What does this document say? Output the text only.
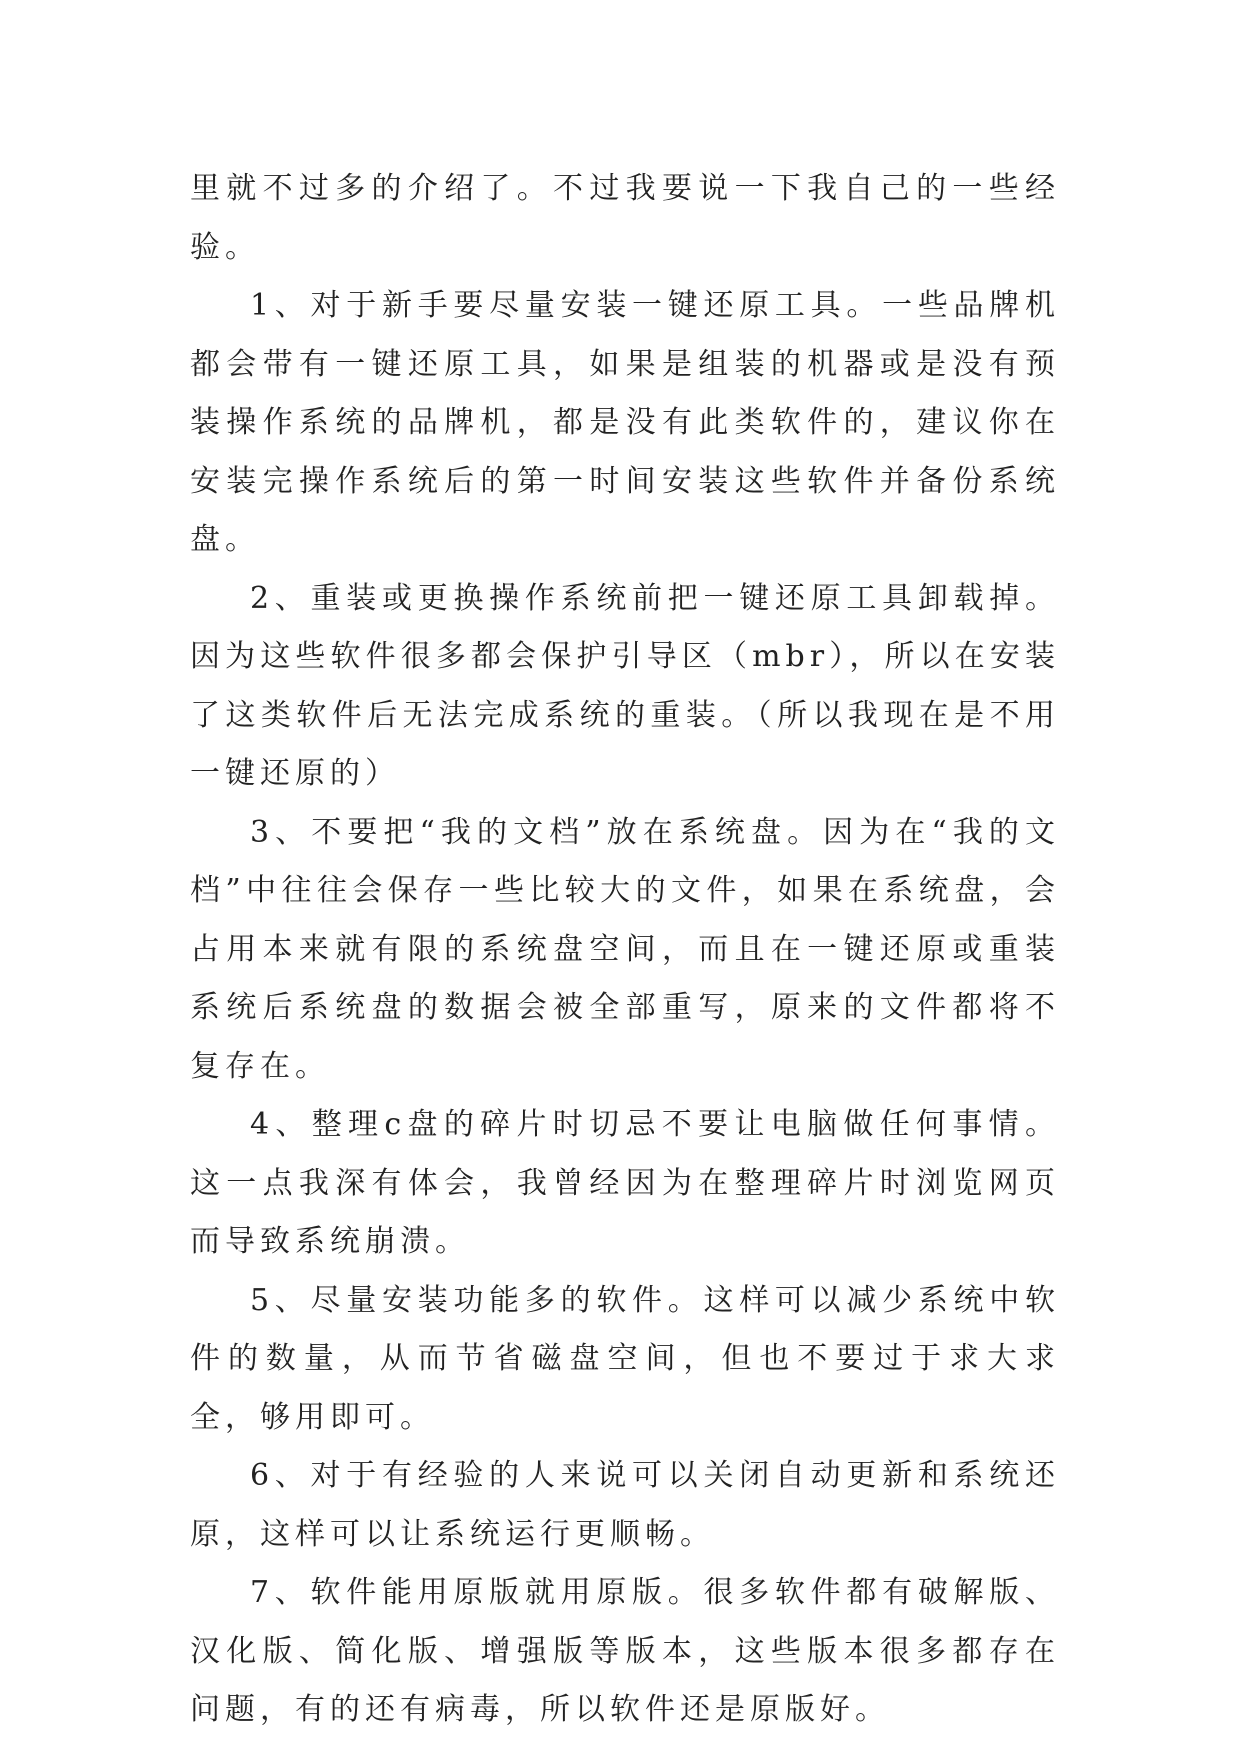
里就不过多的介绍了。不过我要说一下我自己的一些经验。

1、对于新手要尽量安装一键还原工具。一些品牌机都会带有一键还原工具，如果是组装的机器或是没有预装操作系统的品牌机，都是没有此类软件的，建议你在安装完操作系统后的第一时间安装这些软件并备份系统盘。

2、重装或更换操作系统前把一键还原工具卸载掉。因为这些软件很多都会保护引导区（mbr），所以在安装了这类软件后无法完成系统的重装。（所以我现在是不用一键还原的）

3、不要把“我的文档”放在系统盘。因为在“我的文档”中往往会保存一些比较大的文件，如果在系统盘，会占用本来就有限的系统盘空间，而且在一键还原或重装系统后系统盘的数据会被全部重写，原来的文件都将不复存在。

4、整理c盘的碎片时切忌不要让电脑做任何事情。这一点我深有体会，我曾经因为在整理碎片时浏览网页而导致系统崩溃。

5、尽量安装功能多的软件。这样可以减少系统中软件的数量，从而节省磁盘空间，但也不要过于求大求全，够用即可。

6、对于有经验的人来说可以关闭自动更新和系统还原，这样可以让系统运行更顺畅。

7、软件能用原版就用原版。很多软件都有破解版、汉化版、简化版、增强版等版本，这些版本很多都存在问题，有的还有病毒，所以软件还是原版好。
